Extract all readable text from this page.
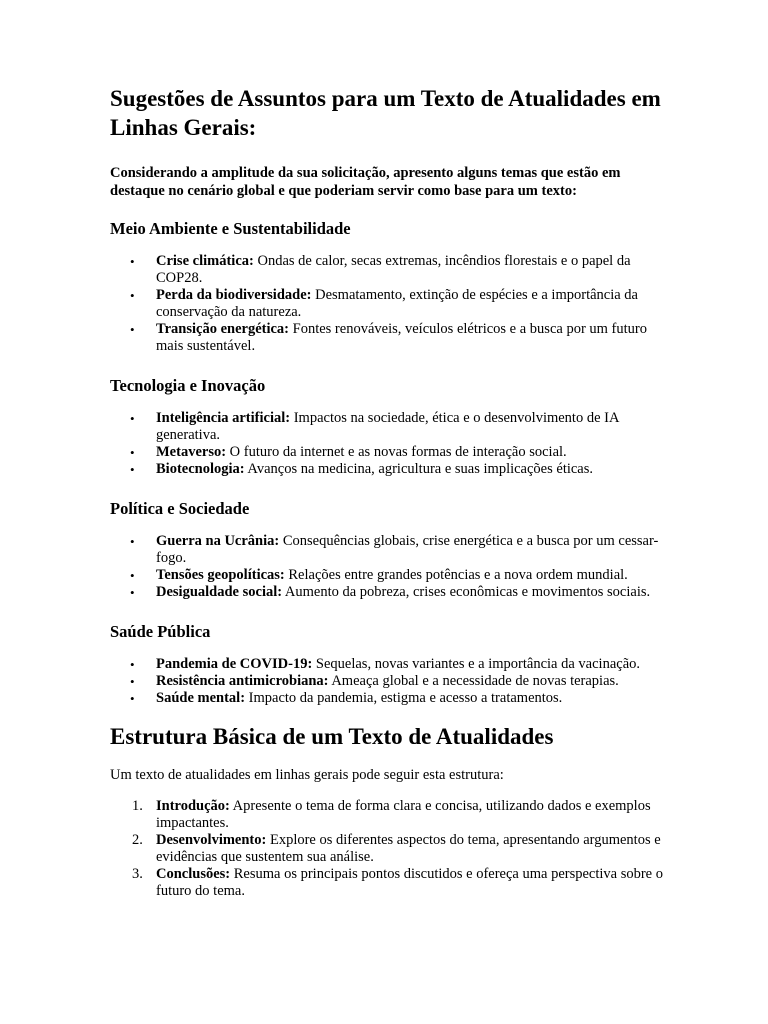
Sugestões de Assuntos para um Texto de Atualidades em Linhas Gerais:

Considerando a amplitude da sua solicitação, apresento alguns temas que estão em destaque no cenário global e que poderiam servir como base para um texto:

Meio Ambiente e Sustentabilidade
• Crise climática: Ondas de calor, secas extremas, incêndios florestais e o papel da COP28.
• Perda da biodiversidade: Desmatamento, extinção de espécies e a importância da conservação da natureza.
• Transição energética: Fontes renováveis, veículos elétricos e a busca por um futuro mais sustentável.
Tecnologia e Inovação
• Inteligência artificial: Impactos na sociedade, ética e o desenvolvimento de IA generativa.
• Metaverso: O futuro da internet e as novas formas de interação social.
• Biotecnologia: Avanços na medicina, agricultura e suas implicações éticas.
Política e Sociedade
• Guerra na Ucrânia: Consequências globais, crise energética e a busca por um cessar-fogo.
• Tensões geopolíticas: Relações entre grandes potências e a nova ordem mundial.
• Desigualdade social: Aumento da pobreza, crises econômicas e movimentos sociais.
Saúde Pública
• Pandemia de COVID-19: Sequelas, novas variantes e a importância da vacinação.
• Resistência antimicrobiana: Ameaça global e a necessidade de novas terapias.
• Saúde mental: Impacto da pandemia, estigma e acesso a tratamentos.
Estrutura Básica de um Texto de Atualidades

Um texto de atualidades em linhas gerais pode seguir esta estrutura:

1. Introdução: Apresente o tema de forma clara e concisa, utilizando dados e exemplos impactantes.
2. Desenvolvimento: Explore os diferentes aspectos do tema, apresentando argumentos e evidências que sustentem sua análise.
3. Conclusões: Resuma os principais pontos discutidos e ofereça uma perspectiva sobre o futuro do tema.
